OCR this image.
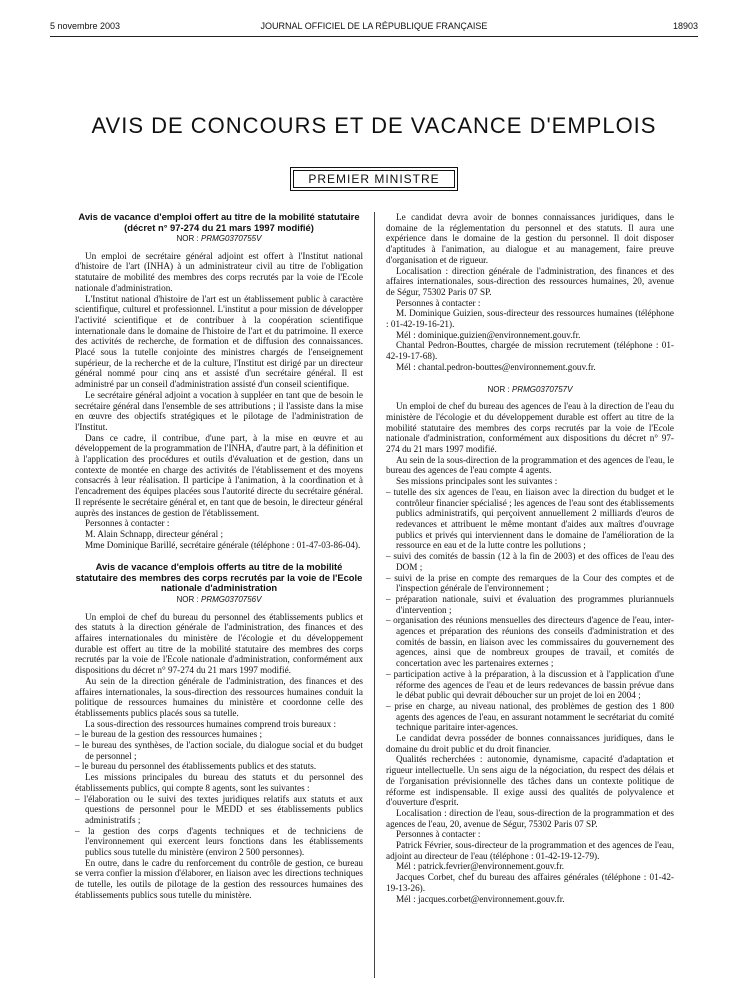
5 novembre 2003	JOURNAL OFFICIEL DE LA RÉPUBLIQUE FRANÇAISE	18903
AVIS DE CONCOURS ET DE VACANCE D'EMPLOIS
PREMIER MINISTRE
Avis de vacance d'emploi offert au titre de la mobilité statutaire (décret n° 97-274 du 21 mars 1997 modifié)
NOR : PRMG0370755V

Un emploi de secrétaire général adjoint est offert à l'Institut national d'histoire de l'art (INHA) à un administrateur civil au titre de l'obligation statutaire de mobilité des membres des corps recrutés par la voie de l'Ecole nationale d'administration.

L'Institut national d'histoire de l'art est un établissement public à caractère scientifique, culturel et professionnel. L'institut a pour mission de développer l'activité scientifique et de contribuer à la coopération scientifique internationale dans le domaine de l'histoire de l'art et du patrimoine. Il exerce des activités de recherche, de formation et de diffusion des connaissances. Placé sous la tutelle conjointe des ministres chargés de l'enseignement supérieur, de la recherche et de la culture, l'Institut est dirigé par un directeur général nommé pour cinq ans et assisté d'un secrétaire général. Il est administré par un conseil d'administration assisté d'un conseil scientifique.

Le secrétaire général adjoint a vocation à suppléer en tant que de besoin le secrétaire général dans l'ensemble de ses attributions ; il l'assiste dans la mise en œuvre des objectifs stratégiques et le pilotage de l'administration de l'Institut.

Dans ce cadre, il contribue, d'une part, à la mise en œuvre et au développement de la programmation de l'INHA, d'autre part, à la définition et à l'application des procédures et outils d'évaluation et de gestion, dans un contexte de montée en charge des activités de l'établissement et des moyens consacrés à leur réalisation. Il participe à l'animation, à la coordination et à l'encadrement des équipes placées sous l'autorité directe du secrétaire général. Il représente le secrétaire général et, en tant que de besoin, le directeur général auprès des instances de gestion de l'établissement.

Personnes à contacter :

M. Alain Schnapp, directeur général ;

Mme Dominique Barillé, secrétaire générale (téléphone : 01-47-03-86-04).

Avis de vacance d'emplois offerts au titre de la mobilité statutaire des membres des corps recrutés par la voie de l'Ecole nationale d'administration
NOR : PRMG0370756V

Un emploi de chef du bureau du personnel des établissements publics et des statuts à la direction générale de l'administration, des finances et des affaires internationales du ministère de l'écologie et du développement durable est offert au titre de la mobilité statutaire des membres des corps recrutés par la voie de l'Ecole nationale d'administration, conformément aux dispositions du décret n° 97-274 du 21 mars 1997 modifié.

Au sein de la direction générale de l'administration, des finances et des affaires internationales, la sous-direction des ressources humaines conduit la politique de ressources humaines du ministère et coordonne celle des établissements publics placés sous sa tutelle.

La sous-direction des ressources humaines comprend trois bureaux :

– le bureau de la gestion des ressources humaines ;

– le bureau des synthèses, de l'action sociale, du dialogue social et du budget de personnel ;

– le bureau du personnel des établissements publics et des statuts.

Les missions principales du bureau des statuts et du personnel des établissements publics, qui compte 8 agents, sont les suivantes :

– l'élaboration ou le suivi des textes juridiques relatifs aux statuts et aux questions de personnel pour le MEDD et ses établissements publics administratifs ;

– la gestion des corps d'agents techniques et de techniciens de l'environnement qui exercent leurs fonctions dans les établissements publics sous tutelle du ministère (environ 2 500 personnes).

En outre, dans le cadre du renforcement du contrôle de gestion, ce bureau se verra confier la mission d'élaborer, en liaison avec les directions techniques de tutelle, les outils de pilotage de la gestion des ressources humaines des établissements publics sous tutelle du ministère.

Le candidat devra avoir de bonnes connaissances juridiques, dans le domaine de la réglementation du personnel et des statuts. Il aura une expérience dans le domaine de la gestion du personnel. Il doit disposer d'aptitudes à l'animation, au dialogue et au management, faire preuve d'organisation et de rigueur.

Localisation : direction générale de l'administration, des finances et des affaires internationales, sous-direction des ressources humaines, 20, avenue de Ségur, 75302 Paris 07 SP.

Personnes à contacter :

M. Dominique Guizien, sous-directeur des ressources humaines (téléphone : 01-42-19-16-21).

Mél : dominique.guizien@environnement.gouv.fr.

Chantal Pedron-Bouttes, chargée de mission recrutement (téléphone : 01-42-19-17-68).

Mél : chantal.pedron-bouttes@environnement.gouv.fr.

NOR : PRMG0370757V

Un emploi de chef du bureau des agences de l'eau à la direction de l'eau du ministère de l'écologie et du développement durable est offert au titre de la mobilité statutaire des membres des corps recrutés par la voie de l'Ecole nationale d'administration, conformément aux dispositions du décret n° 97-274 du 21 mars 1997 modifié.

Au sein de la sous-direction de la programmation et des agences de l'eau, le bureau des agences de l'eau compte 4 agents.

Ses missions principales sont les suivantes :

– tutelle des six agences de l'eau, en liaison avec la direction du budget et le contrôleur financier spécialisé ; les agences de l'eau sont des établissements publics administratifs, qui perçoivent annuellement 2 milliards d'euros de redevances et attribuent le même montant d'aides aux maîtres d'ouvrage publics et privés qui interviennent dans le domaine de l'amélioration de la ressource en eau et de la lutte contre les pollutions ;

– suivi des comités de bassin (12 à la fin de 2003) et des offices de l'eau des DOM ;

– suivi de la prise en compte des remarques de la Cour des comptes et de l'inspection générale de l'environnement ;

– préparation nationale, suivi et évaluation des programmes pluriannuels d'intervention ;

– organisation des réunions mensuelles des directeurs d'agence de l'eau, inter-agences et préparation des réunions des conseils d'administration et des comités de bassin, en liaison avec les commissaires du gouvernement des agences, ainsi que de nombreux groupes de travail, et comités de concertation avec les partenaires externes ;

– participation active à la préparation, à la discussion et à l'application d'une réforme des agences de l'eau et de leurs redevances de bassin prévue dans le débat public qui devrait déboucher sur un projet de loi en 2004 ;

– prise en charge, au niveau national, des problèmes de gestion des 1 800 agents des agences de l'eau, en assurant notamment le secrétariat du comité technique paritaire inter-agences.

Le candidat devra posséder de bonnes connaissances juridiques, dans le domaine du droit public et du droit financier.

Qualités recherchées : autonomie, dynamisme, capacité d'adaptation et rigueur intellectuelle. Un sens aigu de la négociation, du respect des délais et de l'organisation prévisionnelle des tâches dans un contexte politique de réforme est indispensable. Il exige aussi des qualités de polyvalence et d'ouverture d'esprit.

Localisation : direction de l'eau, sous-direction de la programmation et des agences de l'eau, 20, avenue de Ségur, 75302 Paris 07 SP.

Personnes à contacter :

Patrick Février, sous-directeur de la programmation et des agences de l'eau, adjoint au directeur de l'eau (téléphone : 01-42-19-12-79).

Mél : patrick.fevrier@environnement.gouv.fr.

Jacques Corbet, chef du bureau des affaires générales (téléphone : 01-42-19-13-26).

Mél : jacques.corbet@environnement.gouv.fr.
